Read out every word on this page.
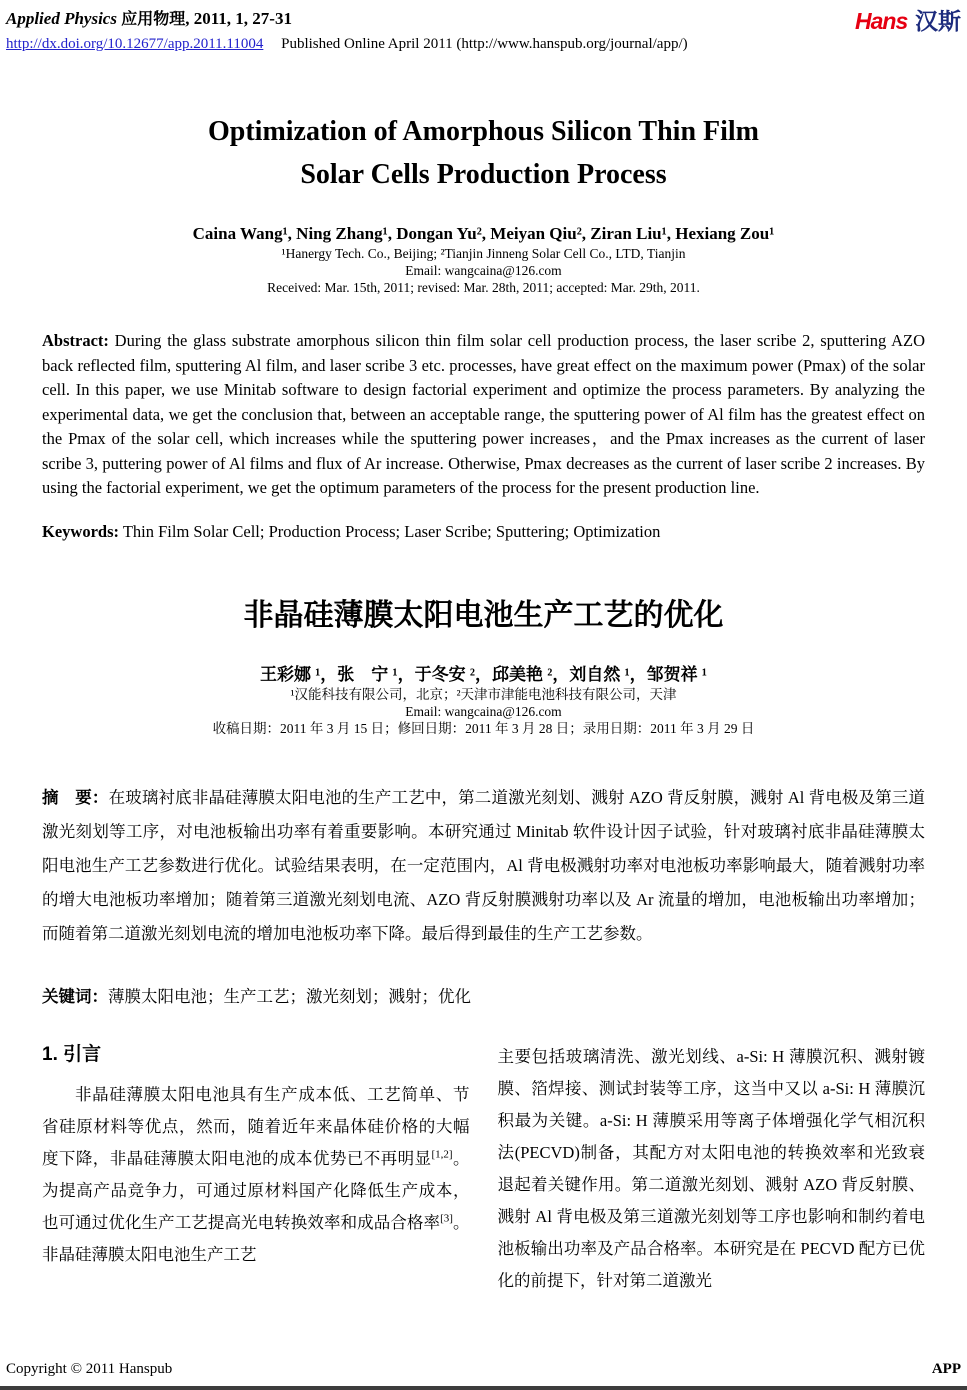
Applied Physics 应用物理, 2011, 1, 27-31
http://dx.doi.org/10.12677/app.2011.11004 Published Online April 2011 (http://www.hanspub.org/journal/app/)
Hans 汉斯
Optimization of Amorphous Silicon Thin Film
Solar Cells Production Process
Caina Wang¹, Ning Zhang¹, Dongan Yu², Meiyan Qiu², Ziran Liu¹, Hexiang Zou¹
¹Hanergy Tech. Co., Beijing; ²Tianjin Jinneng Solar Cell Co., LTD, Tianjin
Email: wangcaina@126.com
Received: Mar. 15th, 2011; revised: Mar. 28th, 2011; accepted: Mar. 29th, 2011.
Abstract: During the glass substrate amorphous silicon thin film solar cell production process, the laser scribe 2, sputtering AZO back reflected film, sputtering Al film, and laser scribe 3 etc. processes, have great effect on the maximum power (Pmax) of the solar cell. In this paper, we use Minitab software to design factorial experiment and optimize the process parameters. By analyzing the experimental data, we get the conclusion that, between an acceptable range, the sputtering power of Al film has the greatest effect on the Pmax of the solar cell, which increases while the sputtering power increases，and the Pmax increases as the current of laser scribe 3, puttering power of Al films and flux of Ar increase. Otherwise, Pmax decreases as the current of laser scribe 2 increases. By using the factorial experiment, we get the optimum parameters of the process for the present production line.
Keywords: Thin Film Solar Cell; Production Process; Laser Scribe; Sputtering; Optimization
非晶硅薄膜太阳电池生产工艺的优化
王彩娜 ¹，张　宁 ¹，于冬安 ²，邱美艳 ²，刘自然 ¹，邹贺祥 ¹
¹汉能科技有限公司，北京；²天津市津能电池科技有限公司，天津
Email: wangcaina@126.com
收稿日期：2011 年 3 月 15 日；修回日期：2011 年 3 月 28 日；录用日期：2011 年 3 月 29 日
摘　要：在玻璃衬底非晶硅薄膜太阳电池的生产工艺中，第二道激光刻划、溅射 AZO 背反射膜，溅射 Al 背电极及第三道激光刻划等工序，对电池板输出功率有着重要影响。本研究通过 Minitab 软件设计因子试验，针对玻璃衬底非晶硅薄膜太阳电池生产工艺参数进行优化。试验结果表明，在一定范围内，Al 背电极溅射功率对电池板功率影响最大，随着溅射功率的增大电池板功率增加；随着第三道激光刻划电流、AZO 背反射膜溅射功率以及 Ar 流量的增加，电池板输出功率增加；而随着第二道激光刻划电流的增加电池板功率下降。最后得到最佳的生产工艺参数。
关键词：薄膜太阳电池；生产工艺；激光刻划；溅射；优化
1. 引言
非晶硅薄膜太阳电池具有生产成本低、工艺简单、节省硅原材料等优点，然而，随着近年来晶体硅价格的大幅度下降，非晶硅薄膜太阳电池的成本优势已不再明显[1,2]。为提高产品竞争力，可通过原材料国产化降低生产成本，也可通过优化生产工艺提高光电转换效率和成品合格率[3]。非晶硅薄膜太阳电池生产工艺
主要包括玻璃清洗、激光划线、a-Si: H 薄膜沉积、溅射镀膜、箔焊接、测试封装等工序，这当中又以 a-Si: H 薄膜沉积最为关键。a-Si: H 薄膜采用等离子体增强化学气相沉积法(PECVD)制备，其配方对太阳电池的转换效率和光致衰退起着关键作用。第二道激光刻划、溅射 AZO 背反射膜、溅射 Al 背电极及第三道激光刻划等工序也影响和制约着电池板输出功率及产品合格率。本研究是在 PECVD 配方已优化的前提下，针对第二道激光
Copyright © 2011 Hanspub	APP
